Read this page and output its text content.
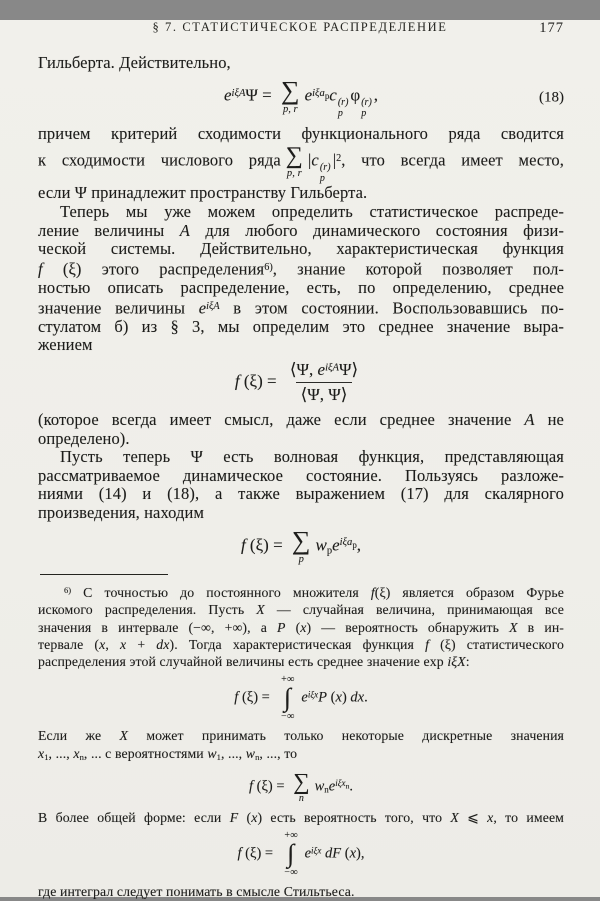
§ 7. СТАТИСТИЧЕСКОЕ РАСПРЕДЕЛЕНИЕ	177
Гильберта. Действительно,
$e^{i\xi A}\Psi$ = ∑
p, r
$e^{i\xi a_p}c$ (r)
p
φ (r)
p
,	(18)
причем критерий сходимости функционального ряда сводится
к сходимости числового ряда ∑
p, r
|c (r)
p
$|^2$, что всегда имеет место,
если Ψ принадлежит пространству Гильберта.
Теперь мы уже можем определить статистическое распреде-
ление величины A для любого динамического состояния физи-
ческой системы. Действительно, характеристическая функция
f (ξ) этого распределения$^{6)}$, знание которой позволяет пол-
ностью описать распределение, есть, по определению, среднее
значение величины $e^{i\xi A}$ в этом состоянии. Воспользовавшись по-
стулатом б) из § 3, мы определим это среднее значение выра-
жением
f $(\xi) = \frac{⟨\Psi, e^{i\xi A}\Psi⟩}{⟨\Psi, \Psi⟩}$
(которое всегда имеет смысл, даже если среднее значение A не
определено).
Пусть теперь Ψ есть волновая функция, представляющая
рассматриваемое динамическое состояние. Пользуясь разложе-
ниями (14) и (18), а также выражением (17) для скалярного
произведения, находим
f (ξ) = ∑
p
$w_pe^{i\xi a_p}$,
$^{6)}$ С точностью до постоянного множителя f(ξ) является образом Фурье
искомого распределения. Пусть X — случайная величина, принимающая все
значения в интервале (−∞, +∞), а P (x) — вероятность обнаружить X в ин-
тервале (x, x + dx). Тогда характеристическая функция f (ξ) статистического
распределения этой случайной величины есть среднее значение exp iξX:
f (ξ) =
+∞
∫
−∞
$e^{i\xi x}P$ (x) dx.
Если же X может принимать только некоторые дискретные значения
$x_1$, ..., $x_n$, ... с вероятностями $w_1$, ..., $w_n$, ..., то
f (ξ) = ∑
n
$w_ne^{i\xi x_n}$.
В более общей форме: если F (x) есть вероятность того, что X ⩽ x, то имеем
f (ξ) =
+∞
∫
−∞
$e^{i\xi x}$ dF (x),
где интеграл следует понимать в смысле Стильтьеса.
